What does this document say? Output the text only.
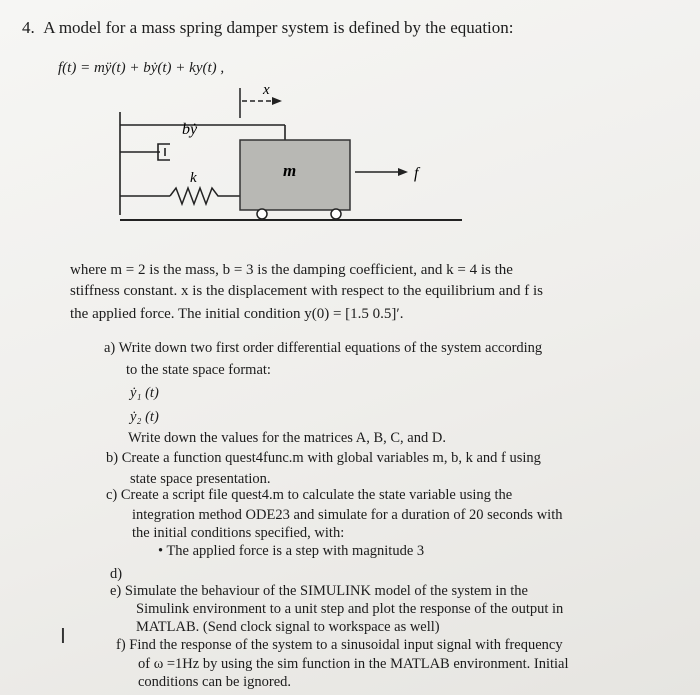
4. A model for a mass spring damper system is defined by the equation:
f(t) = mÿ(t) + bẏ(t) + ky(t) ,
x
bẏ
k	m	f
where m = 2 is the mass, b = 3 is the damping coefficient, and k = 4 is the
stiffness constant. x is the displacement with respect to the equilibrium and f is
the applied force. The initial condition y(0) = [1.5 0.5]′.
a) Write down two first order differential equations of the system according
to the state space format:
ẏ₁ (t)
ẏ₂ (t)
Write down the values for the matrices A, B, C, and D.
b) Create a function quest4func.m with global variables m, b, k and f using
state space presentation.
c) Create a script file quest4.m to calculate the state variable using the
integration method ODE23 and simulate for a duration of 20 seconds with
the initial conditions specified, with:
• The applied force is a step with magnitude 3
d)
e) Simulate the behaviour of the SIMULINK model of the system in the
Simulink environment to a unit step and plot the response of the output in
MATLAB. (Send clock signal to workspace as well)
f) Find the response of the system to a sinusoidal input signal with frequency
of ω =1Hz by using the sim function in the MATLAB environment. Initial
conditions can be ignored.
I
